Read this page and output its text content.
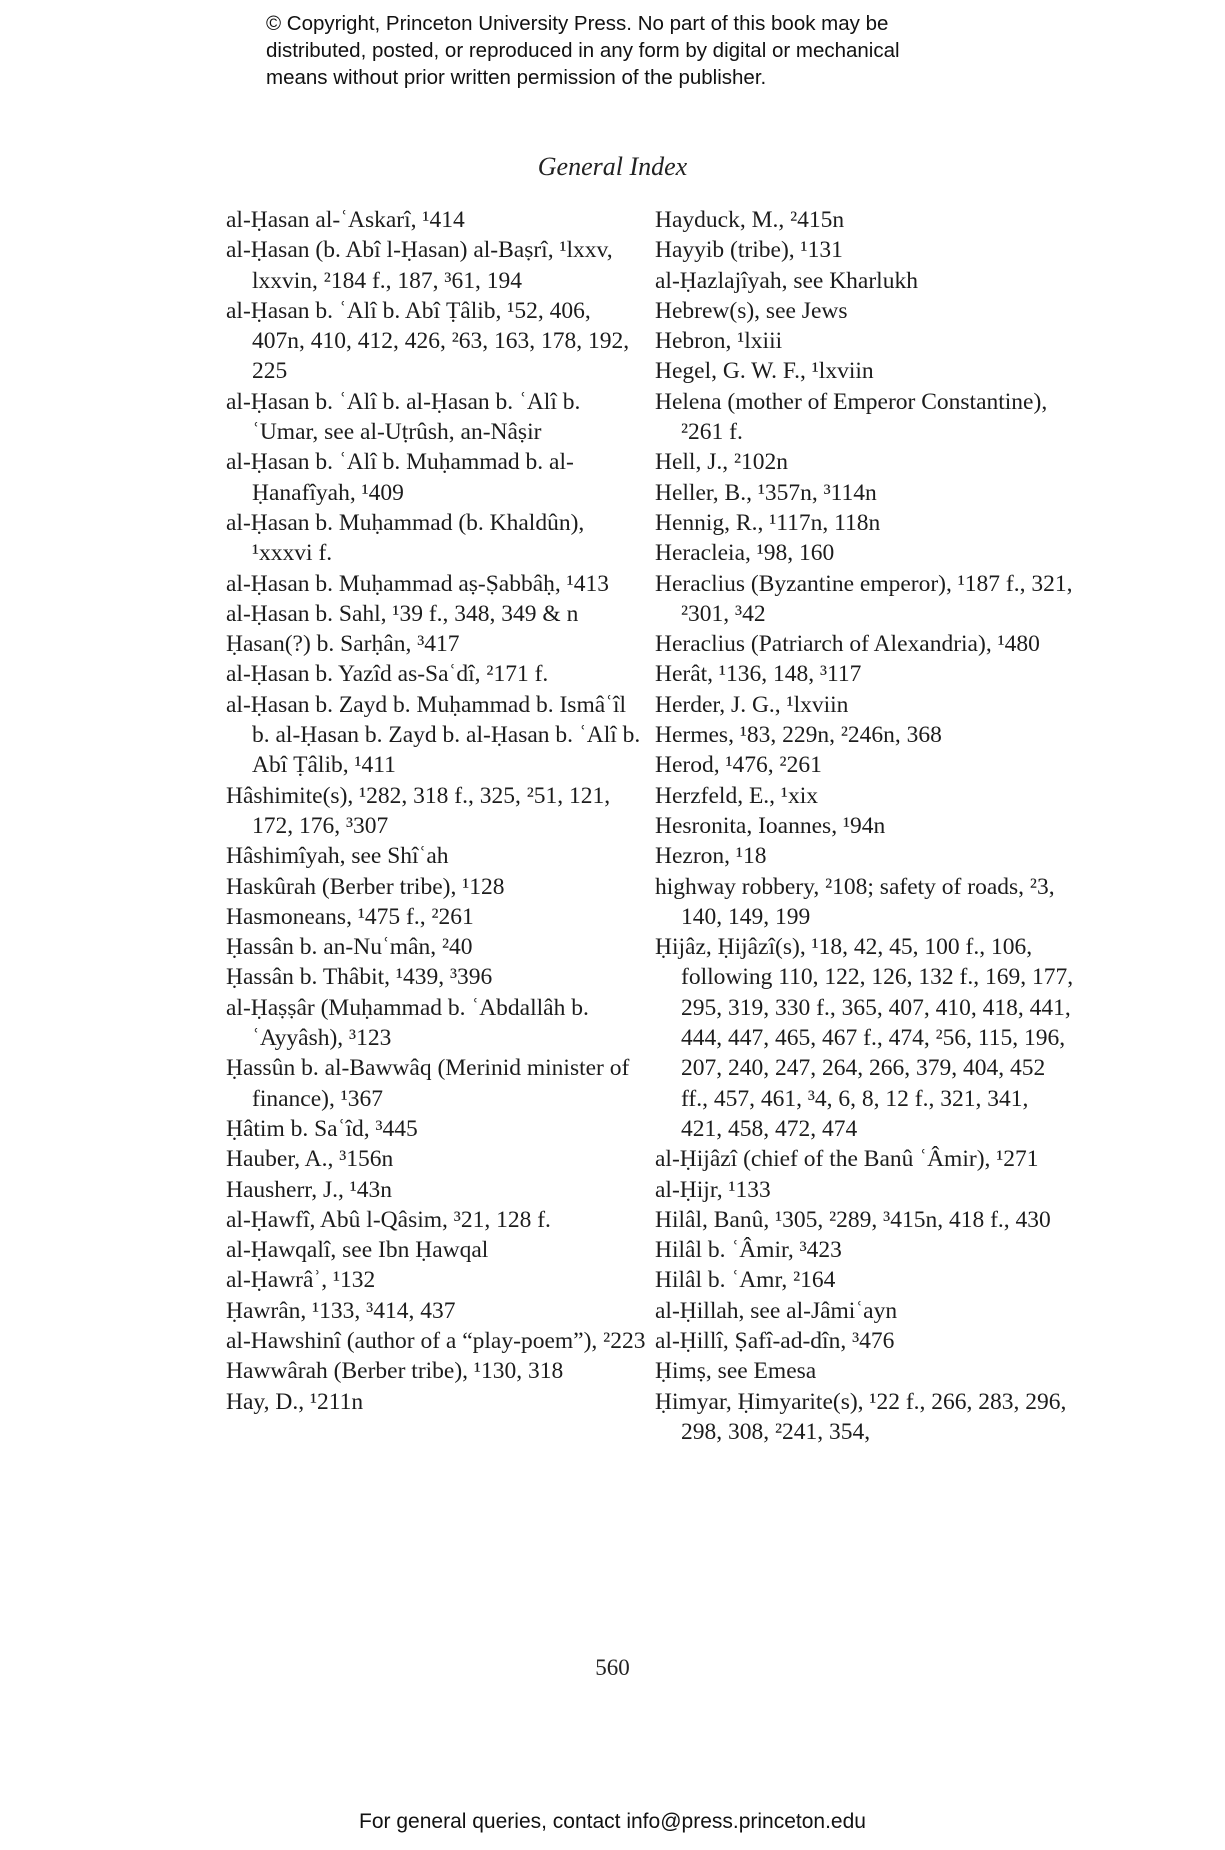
© Copyright, Princeton University Press. No part of this book may be
distributed, posted, or reproduced in any form by digital or mechanical
means without prior written permission of the publisher.
General Index
al-Ḥasan al-ʿAskarî, ¹414
al-Ḥasan (b. Abî l-Ḥasan) al-Baṣrî, ¹lxxv, lxxvin, ²184 f., 187, ³61, 194
al-Ḥasan b. ʿAlî b. Abî Ṭâlib, ¹52, 406, 407n, 410, 412, 426, ²63, 163, 178, 192, 225
al-Ḥasan b. ʿAlî b. al-Ḥasan b. ʿAlî b. ʿUmar, see al-Uṭrûsh, an-Nâṣir
al-Ḥasan b. ʿAlî b. Muḥammad b. al-Ḥanafîyah, ¹409
al-Ḥasan b. Muḥammad (b. Khaldûn), ¹xxxvi f.
al-Ḥasan b. Muḥammad aṣ-Ṣabbâḥ, ¹413
al-Ḥasan b. Sahl, ¹39 f., 348, 349 & n
Ḥasan(?) b. Sarḥân, ³417
al-Ḥasan b. Yazîd as-Saʿdî, ²171 f.
al-Ḥasan b. Zayd b. Muḥammad b. Ismâʿîl b. al-Ḥasan b. Zayd b. al-Ḥasan b. ʿAlî b. Abî Ṭâlib, ¹411
Hâshimite(s), ¹282, 318 f., 325, ²51, 121, 172, 176, ³307
Hâshimîyah, see Shîʿah
Haskûrah (Berber tribe), ¹128
Hasmoneans, ¹475 f., ²261
Ḥassân b. an-Nuʿmân, ²40
Ḥassân b. Thâbit, ¹439, ³396
al-Ḥaṣṣâr (Muḥammad b. ʿAbdallâh b. ʿAyyâsh), ³123
Ḥassûn b. al-Bawwâq (Merinid minister of finance), ¹367
Ḥâtim b. Saʿîd, ³445
Hauber, A., ³156n
Hausherr, J., ¹43n
al-Ḥawfî, Abû l-Qâsim, ³21, 128 f.
al-Ḥawqalî, see Ibn Ḥawqal
al-Ḥawrâʾ, ¹132
Ḥawrân, ¹133, ³414, 437
al-Hawshinî (author of a “play-poem”), ²223
Hawwârah (Berber tribe), ¹130, 318
Hay, D., ¹211n
Hayduck, M., ²415n
Hayyib (tribe), ¹131
al-Ḥazlajîyah, see Kharlukh
Hebrew(s), see Jews
Hebron, ¹lxiii
Hegel, G. W. F., ¹lxviin
Helena (mother of Emperor Constantine), ²261 f.
Hell, J., ²102n
Heller, B., ¹357n, ³114n
Hennig, R., ¹117n, 118n
Heracleia, ¹98, 160
Heraclius (Byzantine emperor), ¹187 f., 321, ²301, ³42
Heraclius (Patriarch of Alexandria), ¹480
Herât, ¹136, 148, ³117
Herder, J. G., ¹lxviin
Hermes, ¹83, 229n, ²246n, 368
Herod, ¹476, ²261
Herzfeld, E., ¹xix
Hesronita, Ioannes, ¹94n
Hezron, ¹18
highway robbery, ²108; safety of roads, ²3, 140, 149, 199
Ḥijâz, Ḥijâzî(s), ¹18, 42, 45, 100 f., 106, following 110, 122, 126, 132 f., 169, 177, 295, 319, 330 f., 365, 407, 410, 418, 441, 444, 447, 465, 467 f., 474, ²56, 115, 196, 207, 240, 247, 264, 266, 379, 404, 452 ff., 457, 461, ³4, 6, 8, 12 f., 321, 341, 421, 458, 472, 474
al-Ḥijâzî (chief of the Banû ʿÂmir), ¹271
al-Ḥijr, ¹133
Hilâl, Banû, ¹305, ²289, ³415n, 418 f., 430
Hilâl b. ʿÂmir, ³423
Hilâl b. ʿAmr, ²164
al-Ḥillah, see al-Jâmiʿayn
al-Ḥillî, Ṣafî-ad-dîn, ³476
Ḥimṣ, see Emesa
Ḥimyar, Ḥimyarite(s), ¹22 f., 266, 283, 296, 298, 308, ²241, 354,
560
For general queries, contact info@press.princeton.edu
